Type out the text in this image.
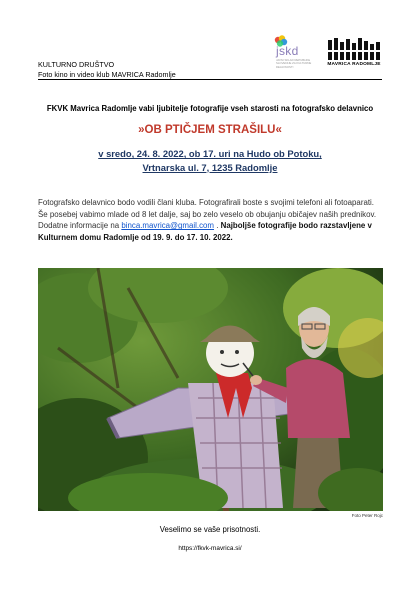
KULTURNO DRUŠTVO
Foto kino in video klub MAVRICA Radomlje
jskd
JAVNI SKLAD REPUBLIKE SLOVENIJE ZA KULTURNE DEJAVNOSTI	MAVRICA RADOMLJE
FKVK Mavrica Radomlje vabi ljubitelje fotografije vseh starosti na fotografsko delavnico
»OB PTIČJEM STRAŠILU«
v sredo, 24. 8. 2022, ob 17. uri na Hudo ob Potoku,
Vrtnarska ul. 7, 1235 Radomlje
Fotografsko delavnico bodo vodili člani kluba. Fotografirali boste s svojimi telefoni ali fotoaparati. Še posebej vabimo mlade od 8 let dalje, saj bo zelo veselo ob obujanju običajev naših prednikov.
Dodatne informacije na binca.mavrica@gmail.com . Najboljše fotografije bodo razstavljene v Kulturnem domu Radomlje od 19. 9. do 17. 10. 2022.
Foto Peter Rojc
Veselimo se vaše prisotnosti.
https://fkvk-mavrica.si/
